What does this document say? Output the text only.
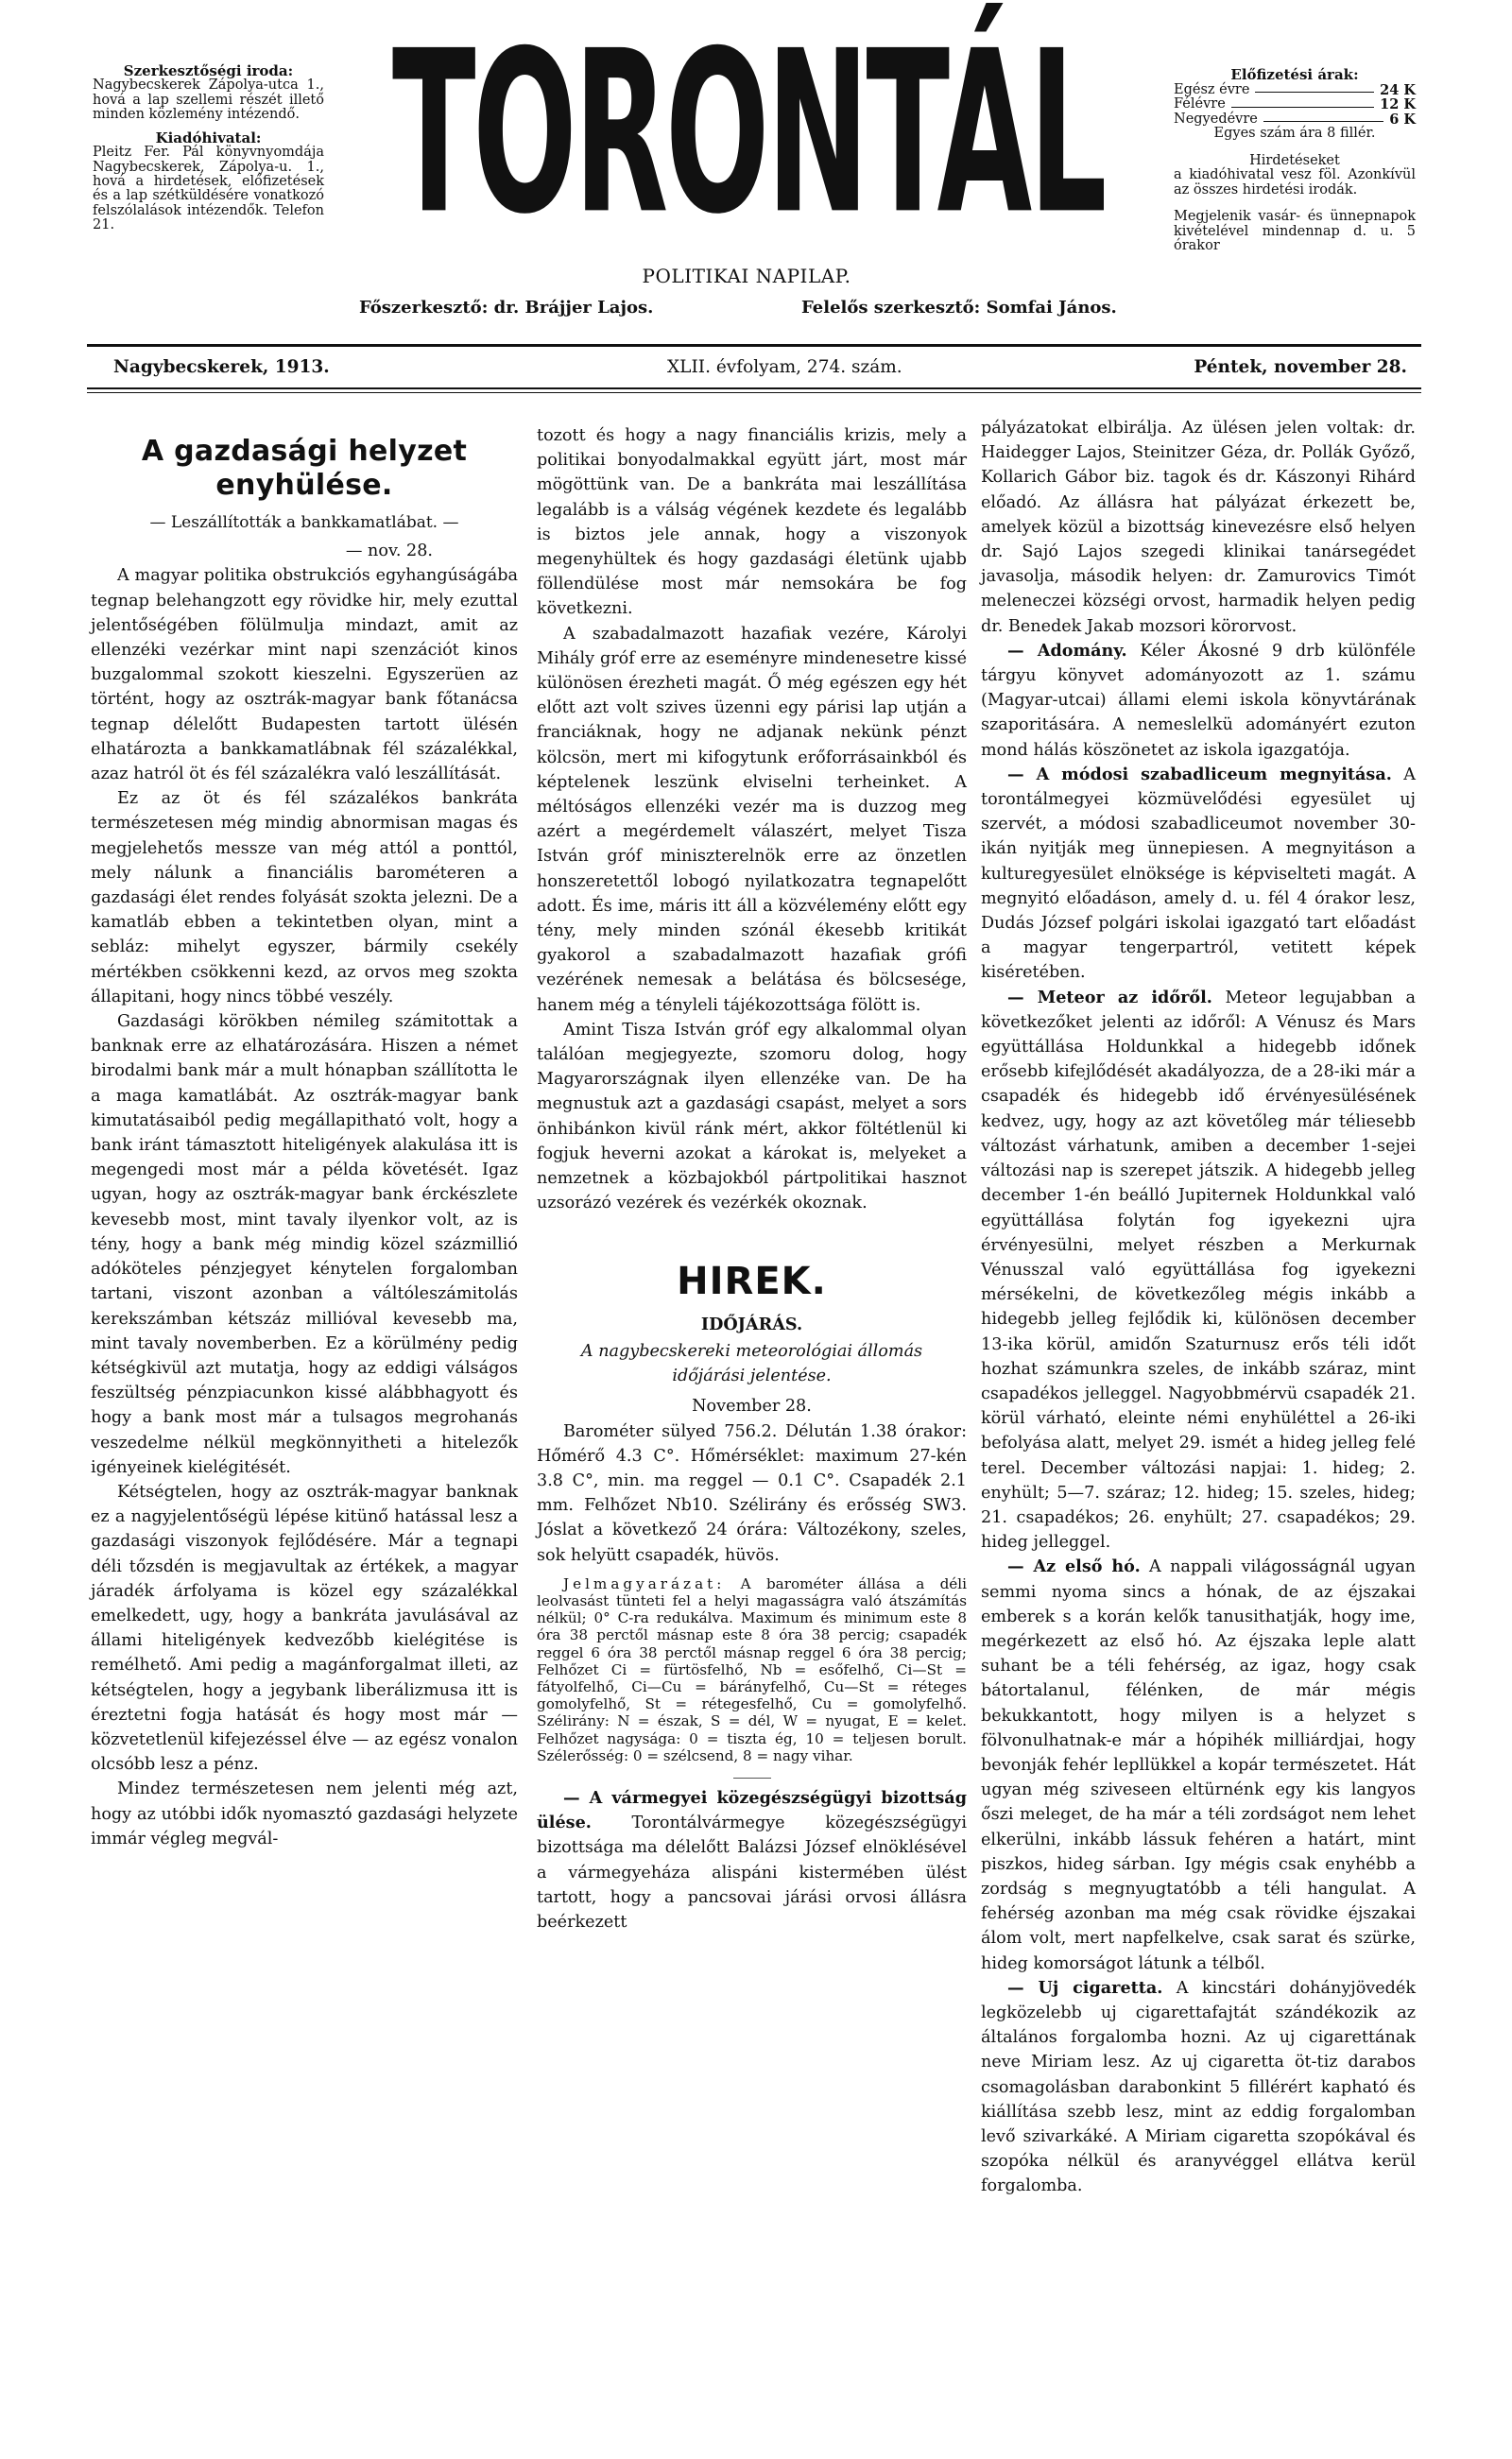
Szerkesztőségi iroda:
Nagybecskerek Zápolya-utca 1., hová a lap szellemi részét illető minden közlemény intézendő.
Kiadóhivatal:
Pleitz Fer. Pál könyvnyomdája Nagybecskerek, Zápolya-u. 1., hová a hirdetések, előfizetések és a lap szétküldésére vonatkozó felszólalások intézendők. Telefon 21.	TORONTÁL
POLITIKAI NAPILAP.
Főszerkesztő: dr. Brájjer Lajos.	Felelős szerkesztő: Somfai János.
Előfizetési árak:
Egész évre	24 K
Félévre	12 K
Negyedévre	6 K
Egyes szám ára 8 fillér.
Hirdetéseket
a kiadóhivatal vesz föl. Azonkívül az összes hirdetési irodák.
Megjelenik vasár- és ünnepnapok kivételével mindennap d. u. 5 órakor
Nagybecskerek, 1913.	XLII. évfolyam, 274. szám.	Péntek, november 28.
A gazdasági helyzet enyhülése.
— Leszállították a bankkamatlábat. —
— nov. 28.

A magyar politika obstrukciós egyhangúságába tegnap belehangzott egy rövidke hir, mely ezuttal jelentőségében fölülmulja mindazt, amit az ellenzéki vezérkar mint napi szenzációt kinos buzgalommal szokott kieszelni. Egyszerüen az történt, hogy az osztrák-magyar bank főtanácsa tegnap délelőtt Budapesten tartott ülésén elhatározta a bankkamatlábnak fél százalékkal, azaz hatról öt és fél százalékra való leszállítását.

Ez az öt és fél százalékos bankráta természetesen még mindig abnormisan magas és megjelehetős messze van még attól a ponttól, mely nálunk a financiális barométeren a gazdasági élet rendes folyását szokta jelezni. De a kamatláb ebben a tekintetben olyan, mint a sebláz: mihelyt egyszer, bármily csekély mértékben csökkenni kezd, az orvos meg szokta állapitani, hogy nincs többé veszély.

Gazdasági körökben némileg számitottak a banknak erre az elhatározására. Hiszen a német birodalmi bank már a mult hónapban szállította le a maga kamatlábát. Az osztrák-magyar bank kimutatásaiból pedig megállapitható volt, hogy a bank iránt támasztott hiteligények alakulása itt is megengedi most már a példa követését. Igaz ugyan, hogy az osztrák-magyar bank érckészlete kevesebb most, mint tavaly ilyenkor volt, az is tény, hogy a bank még mindig közel százmillió adóköteles pénzjegyet kénytelen forgalomban tartani, viszont azonban a váltóleszámitolás kerekszámban kétszáz millióval kevesebb ma, mint tavaly novemberben. Ez a körülmény pedig kétségkivül azt mutatja, hogy az eddigi válságos feszültség pénzpiacunkon kissé alábbhagyott és hogy a bank most már a tulsagos megrohanás veszedelme nélkül megkönnyitheti a hitelezők igényeinek kielégitését.

Kétségtelen, hogy az osztrák-magyar banknak ez a nagyjelentőségü lépése kitünő hatással lesz a gazdasági viszonyok fejlődésére. Már a tegnapi déli tőzsdén is megjavultak az értékek, a magyar járadék árfolyama is közel egy százalékkal emelkedett, ugy, hogy a bankráta javulásával az állami hiteligények kedvezőbb kielégitése is remélhető. Ami pedig a magánforgalmat illeti, az kétségtelen, hogy a jegybank liberálizmusa itt is éreztetni fogja hatását és hogy most már — közvetetlenül kifejezéssel élve — az egész vonalon olcsóbb lesz a pénz.

Mindez természetesen nem jelenti még azt, hogy az utóbbi idők nyomasztó gazdasági helyzete immár végleg megvál-

tozott és hogy a nagy financiális krizis, mely a politikai bonyodalmakkal együtt járt, most már mögöttünk van. De a bankráta mai leszállítása legalább is a válság végének kezdete és legalább is biztos jele annak, hogy a viszonyok megenyhültek és hogy gazdasági életünk ujabb föllendülése most már nemsokára be fog következni.

A szabadalmazott hazafiak vezére, Károlyi Mihály gróf erre az eseményre mindenesetre kissé különösen érezheti magát. Ő még egészen egy hét előtt azt volt szives üzenni egy párisi lap utján a franciáknak, hogy ne adjanak nekünk pénzt kölcsön, mert mi kifogytunk erőforrásainkból és képtelenek leszünk elviselni terheinket. A méltóságos ellenzéki vezér ma is duzzog meg azért a megérdemelt válaszért, melyet Tisza István gróf miniszterelnök erre az önzetlen honszeretettől lobogó nyilatkozatra tegnapelőtt adott. És ime, máris itt áll a közvélemény előtt egy tény, mely minden szónál ékesebb kritikát gyakorol a szabadalmazott hazafiak grófi vezérének nemesak a belátása és bölcsesége, hanem még a tényleli tájékozottsága fölött is.

Amint Tisza István gróf egy alkalommal olyan találóan megjegyezte, szomoru dolog, hogy Magyarországnak ilyen ellenzéke van. De ha megnustuk azt a gazdasági csapást, melyet a sors önhibánkon kivül ránk mért, akkor föltétlenül ki fogjuk heverni azokat a károkat is, melyeket a nemzetnek a közbajokból pártpolitikai hasznot uzsorázó vezérek és vezérkék okoznak.

HIREK.
IDŐJÁRÁS.
A nagybecskereki meteorológiai állomás időjárási jelentése.
November 28.

Barométer sülyed 756.2. Délután 1.38 órakor: Hőmérő 4.3 C°. Hőmérséklet: maximum 27-kén 3.8 C°, min. ma reggel — 0.1 C°. Csapadék 2.1 mm. Felhőzet Nb10. Szélirány és erősség SW3. Jóslat a következő 24 órára: Változékony, szeles, sok helyütt csapadék, hüvös.

Jelmagyarázat: A barométer állása a déli leolvasást tünteti fel a helyi magasságra való átszámítás nélkül; 0° C-ra redukálva. Maximum és minimum este 8 óra 38 perctől másnap este 8 óra 38 percig; csapadék reggel 6 óra 38 perctől másnap reggel 6 óra 38 percig; Felhőzet Ci = fürtösfelhő, Nb = esőfelhő, Ci—St = fátyolfelhő, Ci—Cu = bárányfelhő, Cu—St = réteges gomolyfelhő, St = rétegesfelhő, Cu = gomolyfelhő. Szélirány: N = észak, S = dél, W = nyugat, E = kelet. Felhőzet nagysága: 0 = tiszta ég, 10 = teljesen borult. Szélerősség: 0 = szélcsend, 8 = nagy vihar.

— A vármegyei közegészségügyi bizottság ülése. Torontálvármegye közegészségügyi bizottsága ma délelőtt Balázsi József elnöklésével a vármegyeháza alispáni kistermében ülést tartott, hogy a pancsovai járási orvosi állásra beérkezett

pályázatokat elbirálja. Az ülésen jelen voltak: dr. Haidegger Lajos, Steinitzer Géza, dr. Pollák Győző, Kollarich Gábor biz. tagok és dr. Kászonyi Rihárd előadó. Az állásra hat pályázat érkezett be, amelyek közül a bizottság kinevezésre első helyen dr. Sajó Lajos szegedi klinikai tanársegédet javasolja, második helyen: dr. Zamurovics Timót meleneczei községi orvost, harmadik helyen pedig dr. Benedek Jakab mozsori körorvost.

— Adomány. Kéler Ákosné 9 drb különféle tárgyu könyvet adományozott az 1. számu (Magyar-utcai) állami elemi iskola könyvtárának szaporitására. A nemeslelkü adományért ezuton mond hálás köszönetet az iskola igazgatója.

— A módosi szabadliceum megnyitása. A torontálmegyei közmüvelődési egyesület uj szervét, a módosi szabadliceumot november 30-ikán nyitják meg ünnepiesen. A megnyitáson a kulturegyesület elnöksége is képviselteti magát. A megnyitó előadáson, amely d. u. fél 4 órakor lesz, Dudás József polgári iskolai igazgató tart előadást a magyar tengerpartról, vetitett képek kiséretében.

— Meteor az időről. Meteor legujabban a következőket jelenti az időről: A Vénusz és Mars együttállása Holdunkkal a hidegebb időnek erősebb kifejlődését akadályozza, de a 28-iki már a csapadék és hidegebb idő érvényesülésének kedvez, ugy, hogy az azt követőleg már téliesebb változást várhatunk, amiben a december 1-sejei változási nap is szerepet játszik. A hidegebb jelleg december 1-én beálló Jupiternek Holdunkkal való együttállása folytán fog igyekezni ujra érvényesülni, melyet részben a Merkurnak Vénusszal való együttállása fog igyekezni mérsékelni, de következőleg mégis inkább a hidegebb jelleg fejlődik ki, különösen december 13-ika körül, amidőn Szaturnusz erős téli időt hozhat számunkra szeles, de inkább száraz, mint csapadékos jelleggel. Nagyobbmérvü csapadék 21. körül várható, eleinte némi enyhüléttel a 26-iki befolyása alatt, melyet 29. ismét a hideg jelleg felé terel. December változási napjai: 1. hideg; 2. enyhült; 5—7. száraz; 12. hideg; 15. szeles, hideg; 21. csapadékos; 26. enyhült; 27. csapadékos; 29. hideg jelleggel.

— Az első hó. A nappali világosságnál ugyan semmi nyoma sincs a hónak, de az éjszakai emberek s a korán kelők tanusithatják, hogy ime, megérkezett az első hó. Az éjszaka leple alatt suhant be a téli fehérség, az igaz, hogy csak bátortalanul, félénken, de már mégis bekukkantott, hogy milyen is a helyzet s fölvonulhatnak-e már a hópihék milliárdjai, hogy bevonják fehér lepllükkel a kopár természetet. Hát ugyan még sziveseen eltürnénk egy kis langyos őszi meleget, de ha már a téli zordságot nem lehet elkerülni, inkább lássuk fehéren a határt, mint piszkos, hideg sárban. Igy mégis csak enyhébb a zordság s megnyugtatóbb a téli hangulat. A fehérség azonban ma még csak rövidke éjszakai álom volt, mert napfelkelve, csak sarat és szürke, hideg komorságot látunk a télből.

— Uj cigaretta. A kincstári dohányjövedék legközelebb uj cigarettafajtát szándékozik az általános forgalomba hozni. Az uj cigarettának neve Miriam lesz. Az uj cigaretta öt-tiz darabos csomagolásban darabonkint 5 fillérért kapható és kiállítása szebb lesz, mint az eddig forgalomban levő szivarkáké. A Miriam cigaretta szopókával és szopóka nélkül és aranyvéggel ellátva kerül forgalomba.
